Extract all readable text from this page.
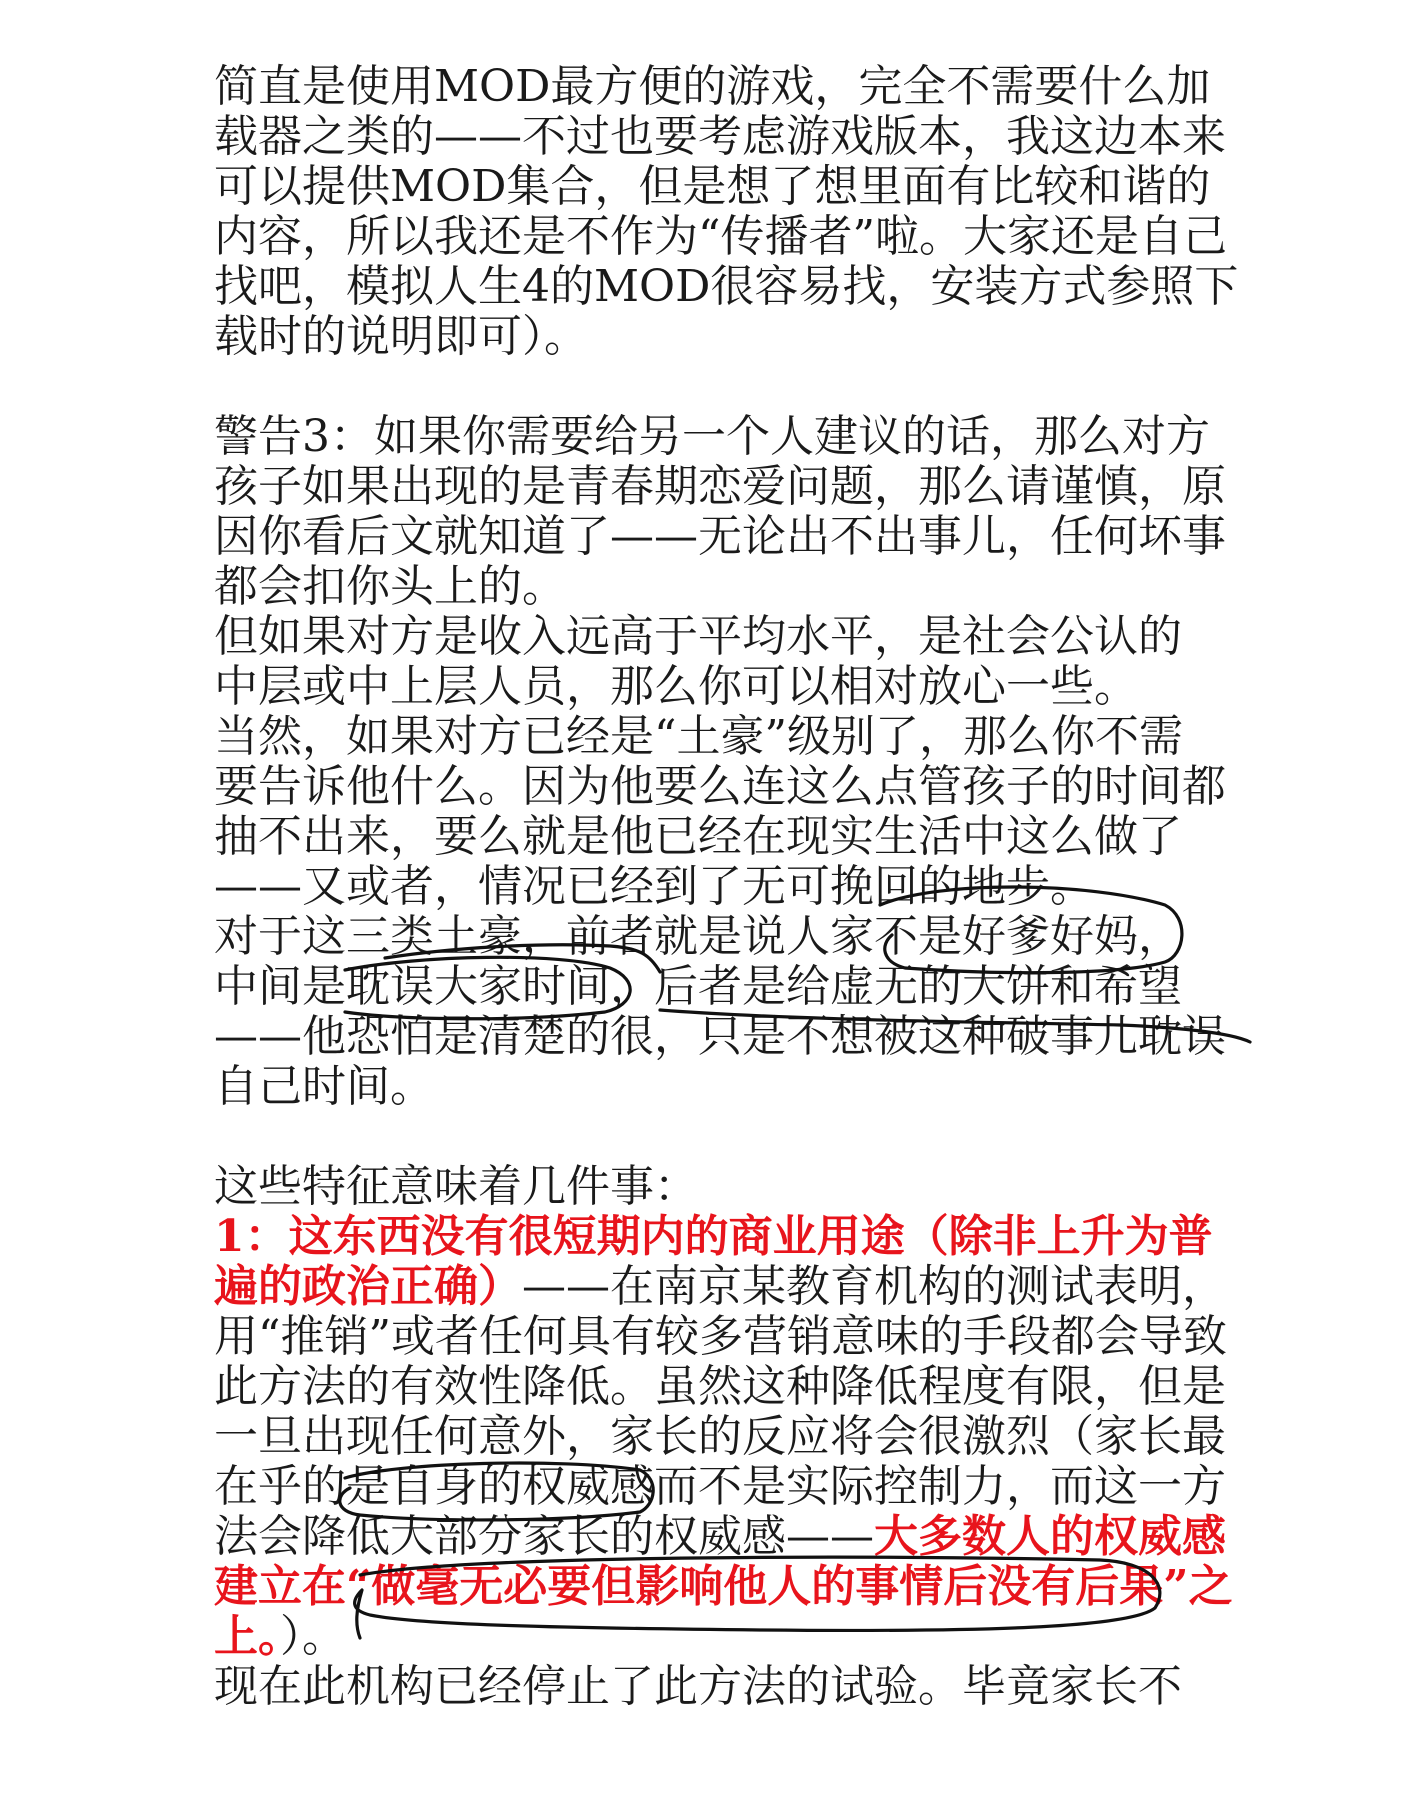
简直是使用MOD最方便的游戏，完全不需要什么加
载器之类的——不过也要考虑游戏版本，我这边本来
可以提供MOD集合，但是想了想里面有比较和谐的
内容，所以我还是不作为“传播者”啦。大家还是自己
找吧，模拟人生4的MOD很容易找，安装方式参照下
载时的说明即可）。
警告3：如果你需要给另一个人建议的话，那么对方
孩子如果出现的是青春期恋爱问题，那么请谨慎，原
因你看后文就知道了——无论出不出事儿，任何坏事
都会扣你头上的。
但如果对方是收入远高于平均水平，是社会公认的
中层或中上层人员，那么你可以相对放心一些。
当然，如果对方已经是“土豪”级别了，那么你不需
要告诉他什么。因为他要么连这么点管孩子的时间都
抽不出来，要么就是他已经在现实生活中这么做了
——又或者，情况已经到了无可挽回的地步。
对于这三类土豪，前者就是说人家不是好爹好妈，
中间是耽误大家时间，后者是给虚无的大饼和希望
——他恐怕是清楚的很，只是不想被这种破事儿耽误
自己时间。
这些特征意味着几件事：
1：这东西没有很短期内的商业用途（除非上升为普
遍的政治正确）——在南京某教育机构的测试表明，
用“推销”或者任何具有较多营销意味的手段都会导致
此方法的有效性降低。虽然这种降低程度有限，但是
一旦出现任何意外，家长的反应将会很激烈（家长最
在乎的是自身的权威感而不是实际控制力，而这一方
法会降低大部分家长的权威感——大多数人的权威感
建立在“做毫无必要但影响他人的事情后没有后果”之
上。）。
现在此机构已经停止了此方法的试验。毕竟家长不
